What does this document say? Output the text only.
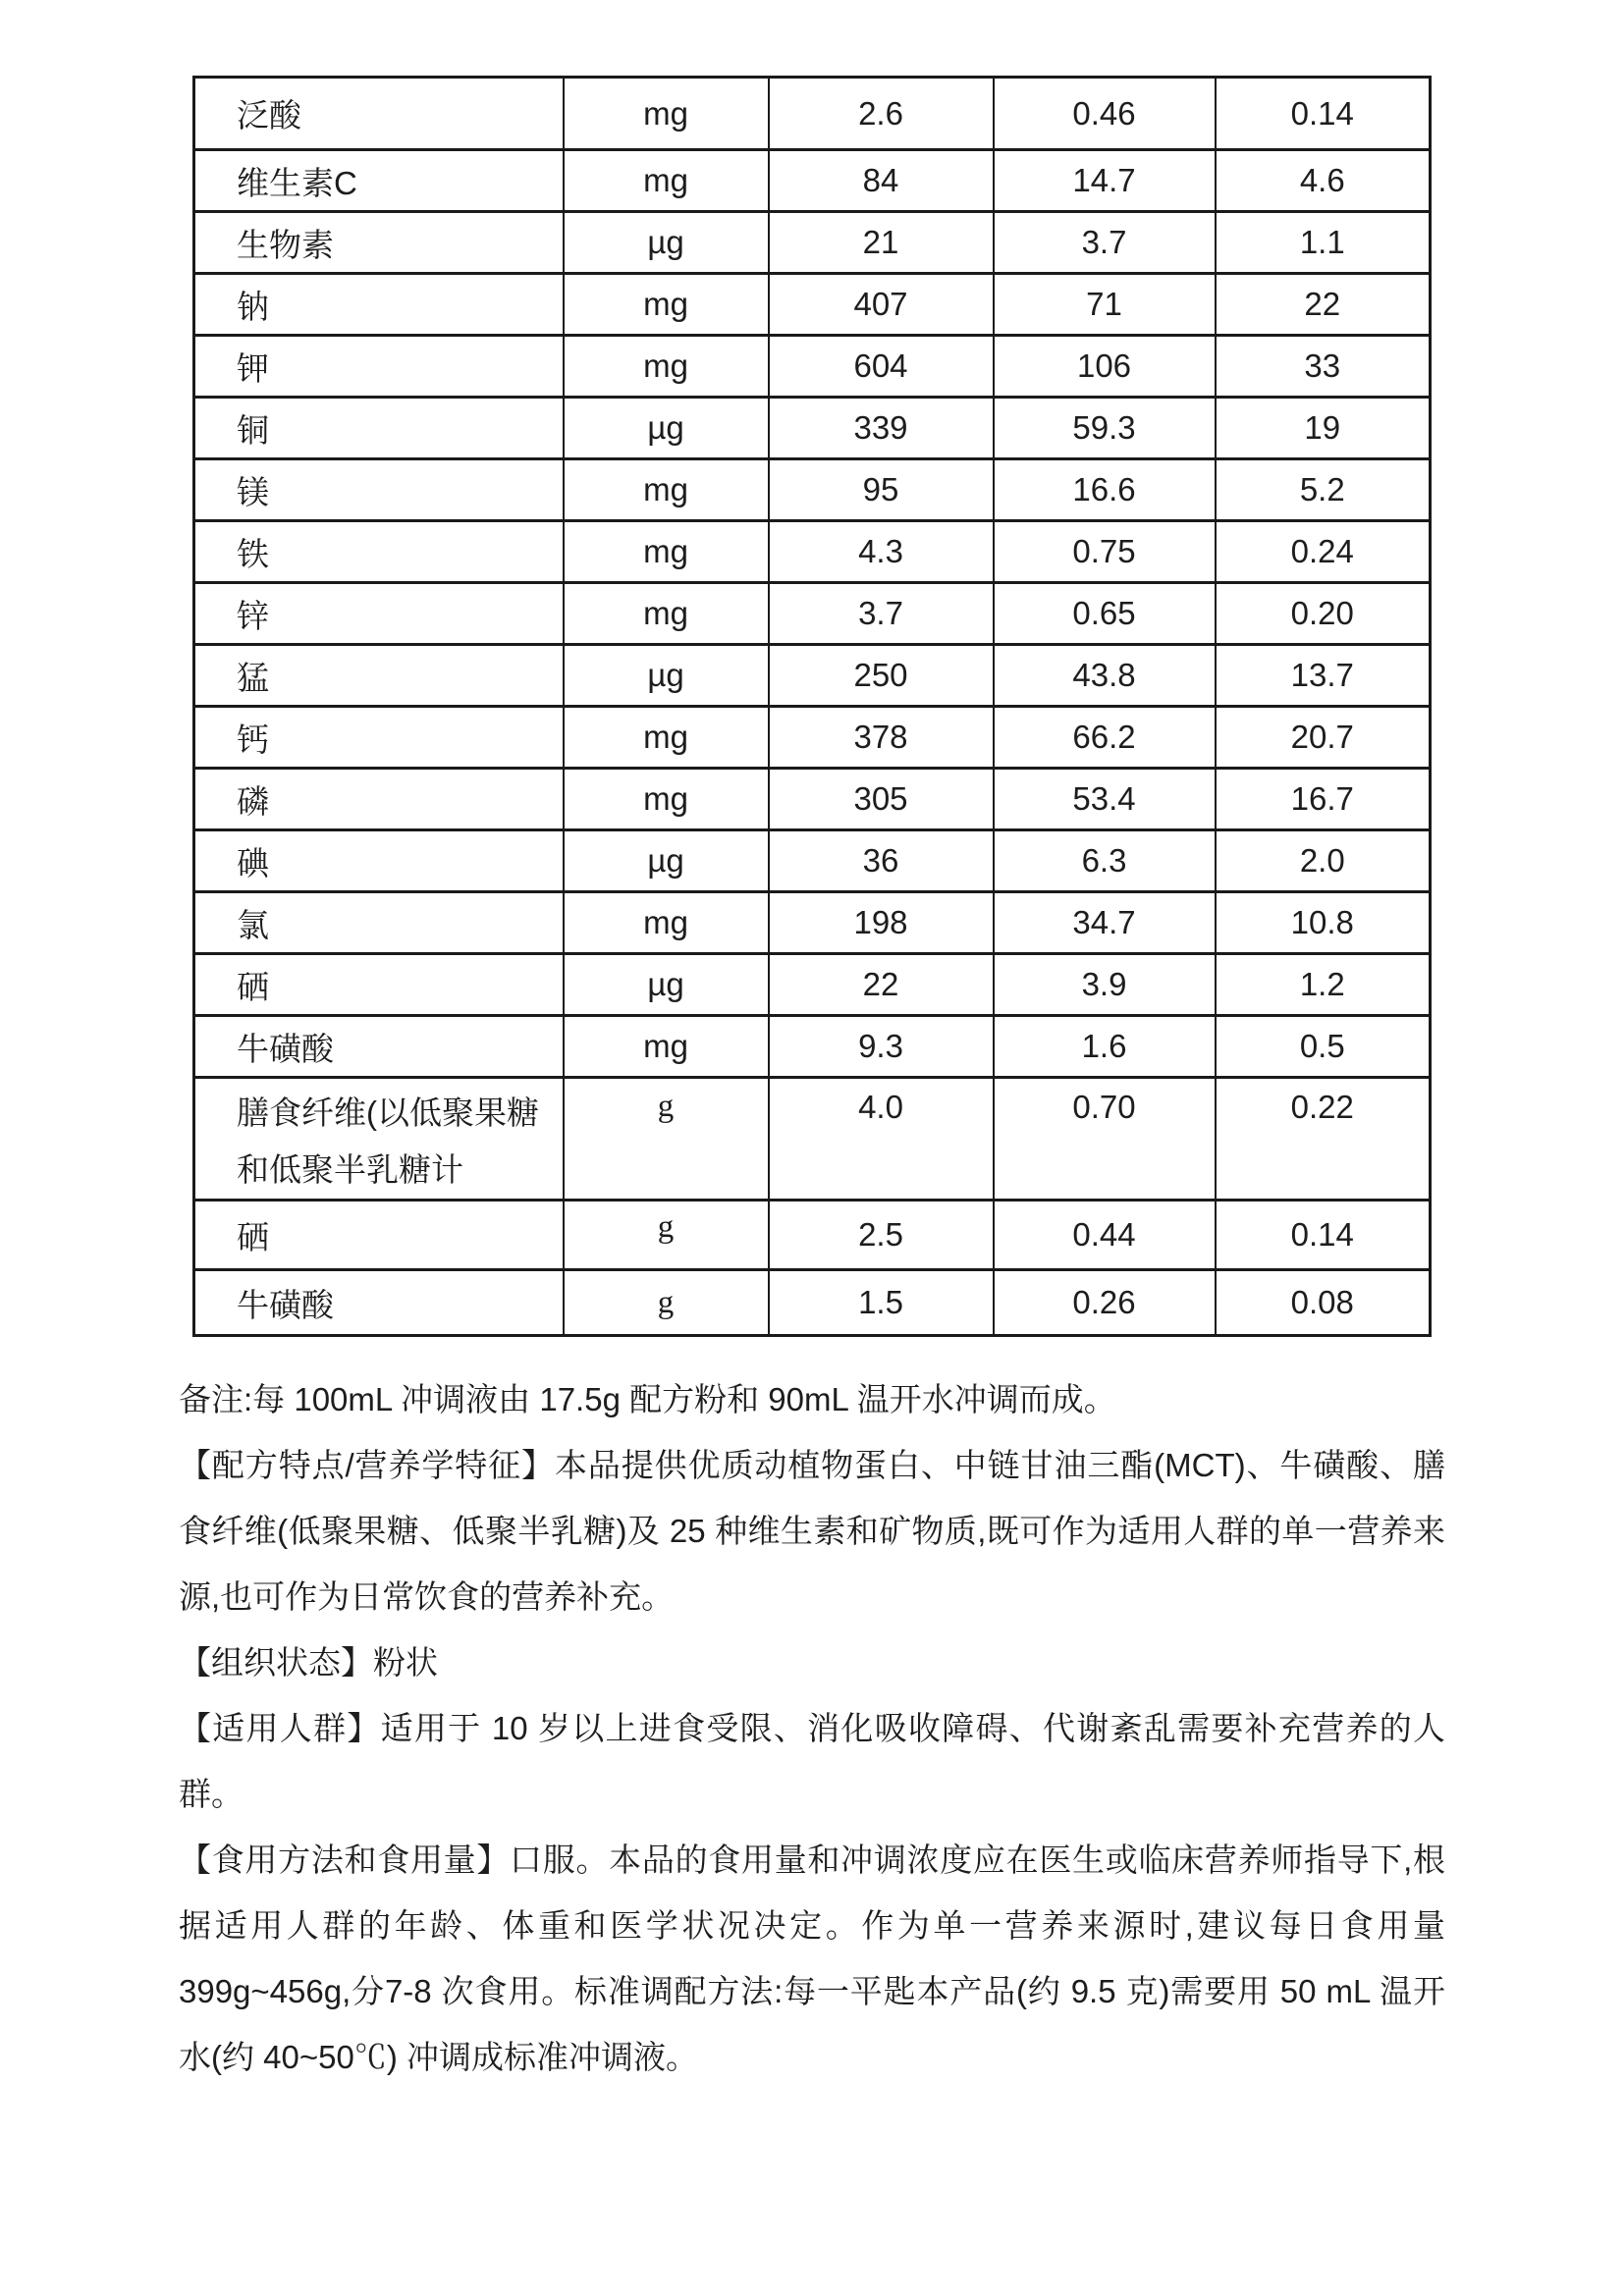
泛酸	mg	2.6	0.46	0.14
维生素C	mg	84	14.7	4.6
生物素	µg	21	3.7	1.1
钠	mg	407	71	22
钾	mg	604	106	33
铜	µg	339	59.3	19
镁	mg	95	16.6	5.2
铁	mg	4.3	0.75	0.24
锌	mg	3.7	0.65	0.20
猛	µg	250	43.8	13.7
钙	mg	378	66.2	20.7
磷	mg	305	53.4	16.7
碘	µg	36	6.3	2.0
氯	mg	198	34.7	10.8
硒	µg	22	3.9	1.2
牛磺酸	mg	9.3	1.6	0.5
膳食纤维(以低聚果糖和低聚半乳糖计	g	4.0	0.70	0.22
硒	g	2.5	0.44	0.14
牛磺酸	g	1.5	0.26	0.08

备注:每 100mL 冲调液由 17.5g 配方粉和 90mL 温开水冲调而成。

【配方特点/营养学特征】本品提供优质动植物蛋白、中链甘油三酯(MCT)、牛磺酸、膳食纤维(低聚果糖、低聚半乳糖)及 25 种维生素和矿物质,既可作为适用人群的单一营养来源,也可作为日常饮食的营养补充。

【组织状态】粉状

【适用人群】适用于 10 岁以上进食受限、消化吸收障碍、代谢紊乱需要补充营养的人群。

【食用方法和食用量】口服。本品的食用量和冲调浓度应在医生或临床营养师指导下,根据适用人群的年龄、体重和医学状况决定。作为单一营养来源时,建议每日食用量399g~456g,分7-8 次食用。标准调配方法:每一平匙本产品(约 9.5 克)需要用 50 mL 温开水(约 40~50℃) 冲调成标准冲调液。
